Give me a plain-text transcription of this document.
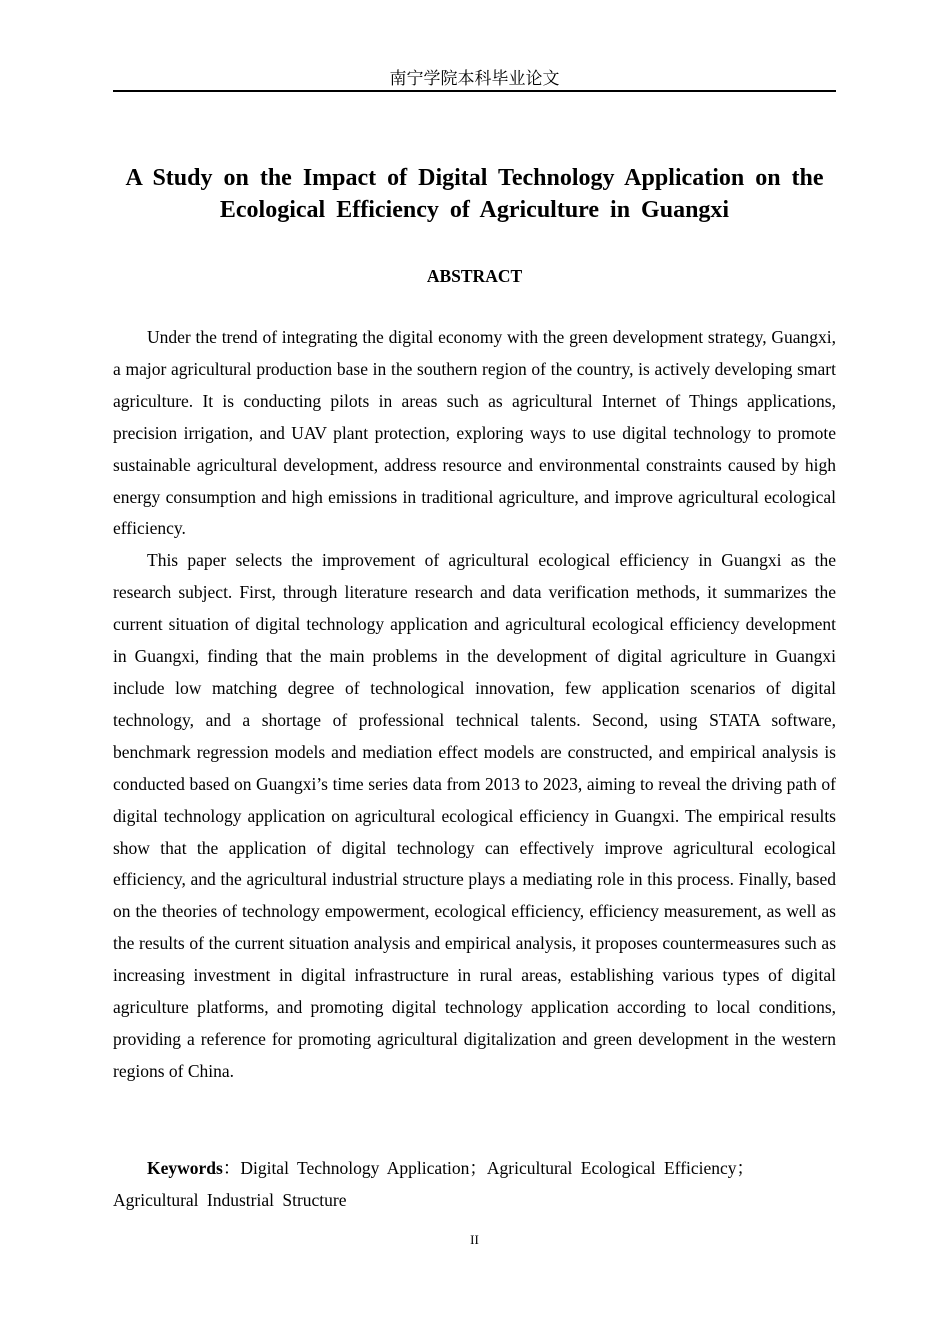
南宁学院本科毕业论文
A Study on the Impact of Digital Technology Application on the Ecological Efficiency of Agriculture in Guangxi
ABSTRACT

Under the trend of integrating the digital economy with the green development strategy, Guangxi, a major agricultural production base in the southern region of the country, is actively developing smart agriculture. It is conducting pilots in areas such as agricultural Internet of Things applications, precision irrigation, and UAV plant protection, exploring ways to use digital technology to promote sustainable agricultural development, address resource and environmental constraints caused by high energy consumption and high emissions in traditional agriculture, and improve agricultural ecological efficiency.

This paper selects the improvement of agricultural ecological efficiency in Guangxi as the research subject. First, through literature research and data verification methods, it summarizes the current situation of digital technology application and agricultural ecological efficiency development in Guangxi, finding that the main problems in the development of digital agriculture in Guangxi include low matching degree of technological innovation, few application scenarios of digital technology, and a shortage of professional technical talents. Second, using STATA software, benchmark regression models and mediation effect models are constructed, and empirical analysis is conducted based on Guangxi’s time series data from 2013 to 2023, aiming to reveal the driving path of digital technology application on agricultural ecological efficiency in Guangxi. The empirical results show that the application of digital technology can effectively improve agricultural ecological efficiency, and the agricultural industrial structure plays a mediating role in this process. Finally, based on the theories of technology empowerment, ecological efficiency, efficiency measurement, as well as the results of the current situation analysis and empirical analysis, it proposes countermeasures such as increasing investment in digital infrastructure in rural areas, establishing various types of digital agriculture platforms, and promoting digital technology application according to local conditions, providing a reference for promoting agricultural digitalization and green development in the western regions of China.

Keywords：Digital Technology Application；Agricultural Ecological Efficiency；Agricultural Industrial Structure
II
